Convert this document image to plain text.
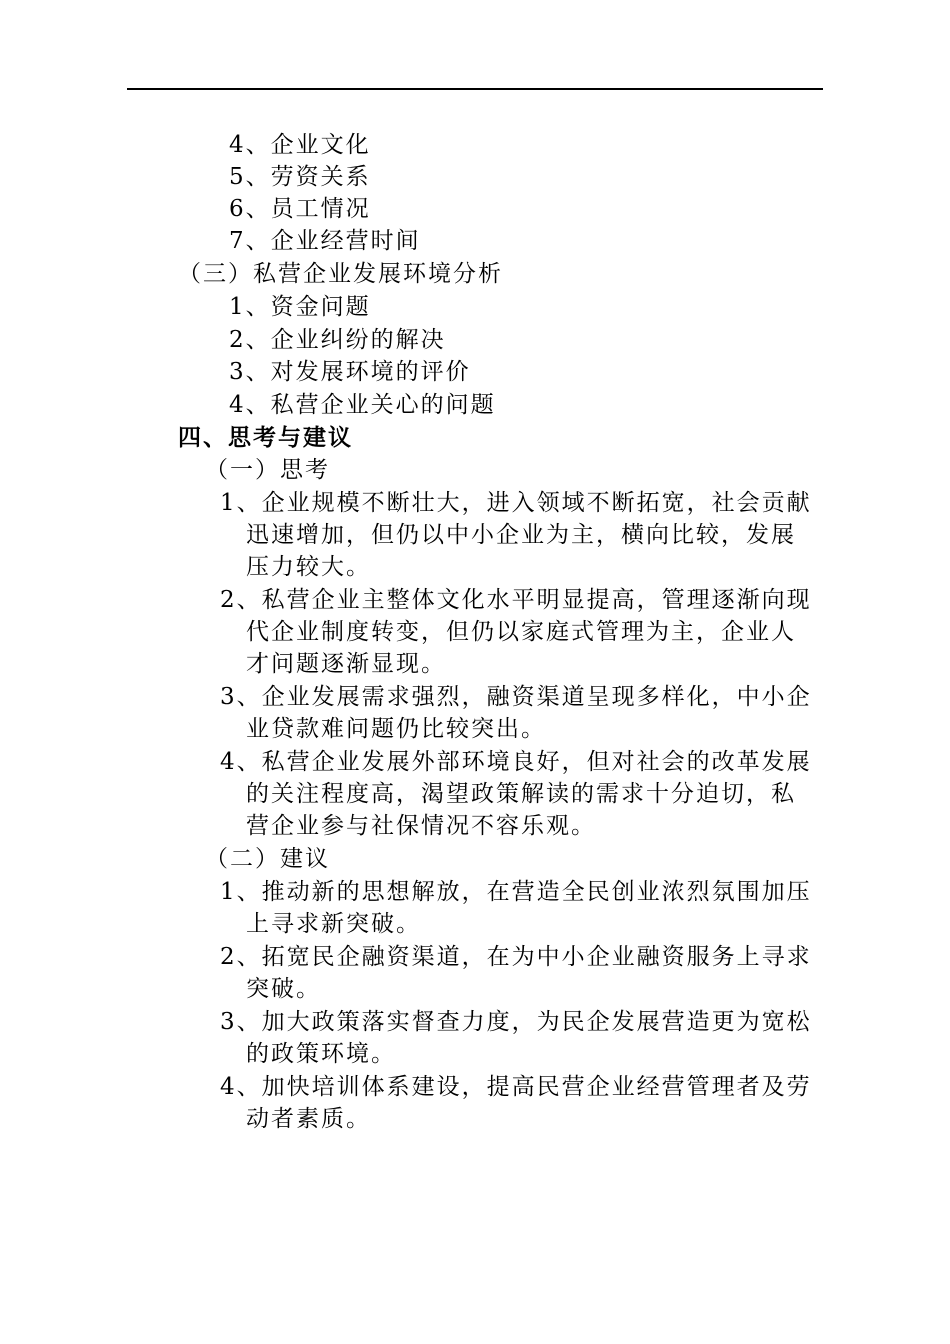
4、企业文化
5、劳资关系
6、员工情况
7、企业经营时间
（三）私营企业发展环境分析
1、资金问题
2、企业纠纷的解决
3、对发展环境的评价
4、私营企业关心的问题
四、思考与建议
（一）思考
1、企业规模不断壮大，进入领域不断拓宽，社会贡献
迅速增加，但仍以中小企业为主，横向比较，发展
压力较大。
2、私营企业主整体文化水平明显提高，管理逐渐向现
代企业制度转变，但仍以家庭式管理为主，企业人
才问题逐渐显现。
3、企业发展需求强烈，融资渠道呈现多样化，中小企
业贷款难问题仍比较突出。
4、私营企业发展外部环境良好，但对社会的改革发展
的关注程度高，渴望政策解读的需求十分迫切，私
营企业参与社保情况不容乐观。
（二）建议
1、推动新的思想解放，在营造全民创业浓烈氛围加压
上寻求新突破。
2、拓宽民企融资渠道，在为中小企业融资服务上寻求
突破。
3、加大政策落实督查力度，为民企发展营造更为宽松
的政策环境。
4、加快培训体系建设，提高民营企业经营管理者及劳
动者素质。
